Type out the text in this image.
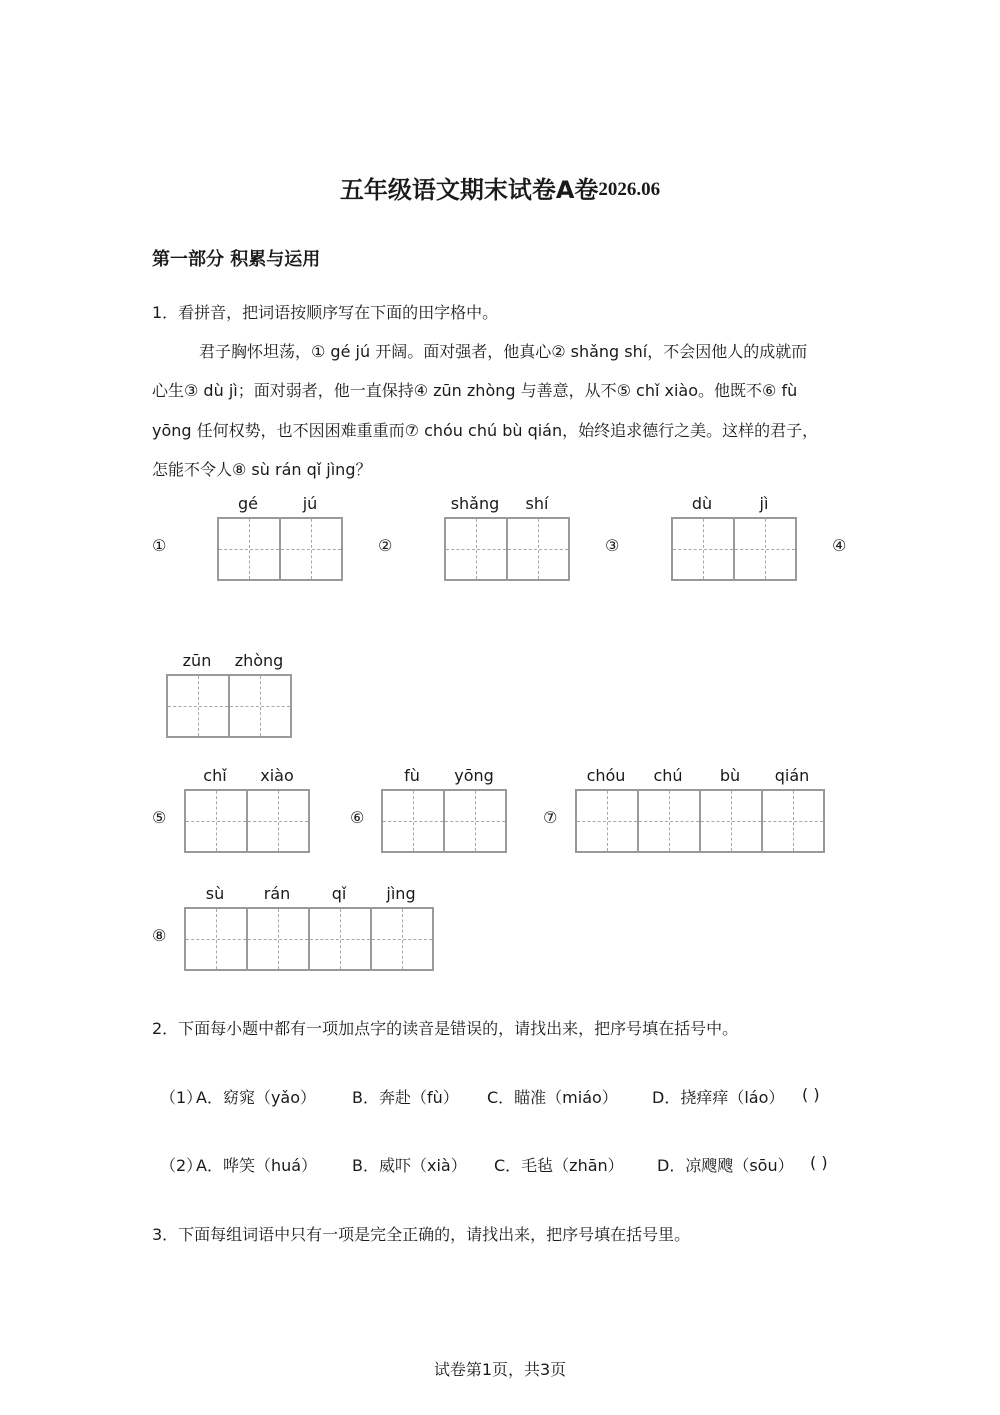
五年级语文期末试卷A卷2026.06
第一部分 积累与运用
1．看拼音，把词语按顺序写在下面的田字格中。
君子胸怀坦荡，① gé jú 开阔。面对强者，他真心② shǎng shí，不会因他人的成就而
心生③ dù jì；面对弱者，他一直保持④ zūn zhòng 与善意，从不⑤ chǐ xiào。他既不⑥ fù
yōng 任何权势，也不因困难重重而⑦ chóu chú bù qián，始终追求德行之美。这样的君子，
怎能不令人⑧ sù rán qǐ jìng？
①
gé	jú
②
shǎng	shí
③
dù	jì
④
zūn	zhòng
⑤
chǐ	xiào
⑥
fù	yōng
⑦
chóu	chú	bù	qián
⑧
sù	rán	qǐ	jìng
2．下面每小题中都有一项加点字的读音是错误的，请找出来，把序号填在括号中。
（1）
A．窈窕（yǎo） B．奔赴（fù） C．瞄准（miáo） D．挠痒痒（láo） ( )
（2）
A．哗笑（huá） B．威吓（xià） C．毛毡（zhān） D．凉飕飕（sōu） ( )
3．下面每组词语中只有一项是完全正确的，请找出来，把序号填在括号里。
试卷第1页，共3页
